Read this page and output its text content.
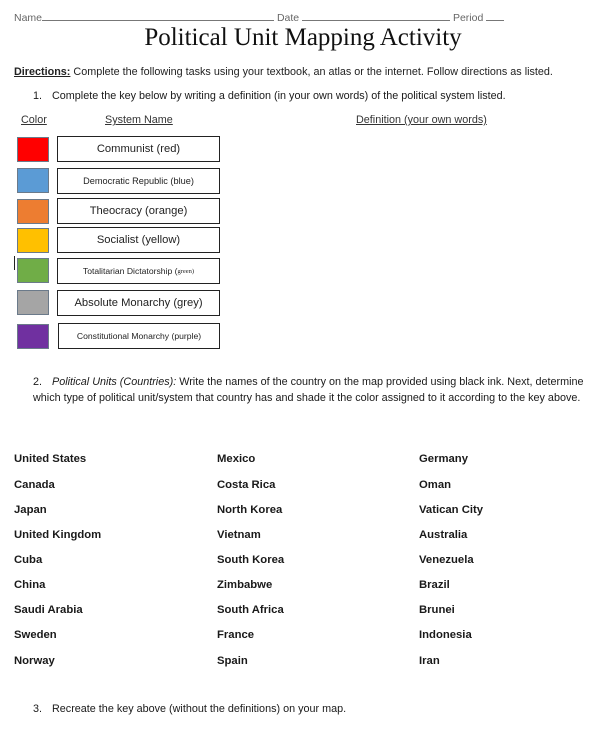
Name	Date	Period
Political Unit Mapping Activity
Directions: Complete the following tasks using your textbook, an atlas or the internet. Follow directions as listed.
1. Complete the key below by writing a definition (in your own words) of the political system listed.
Color	System Name	Definition (your own words)
Communist (red)
Democratic Republic (blue)
Theocracy (orange)
Socialist (yellow)
Totalitarian Dictatorship ( green)
Absolute Monarchy (grey)
Constitutional Monarchy (purple)
2. Political Units (Countries): Write the names of the country on the map provided using black ink. Next, determine which type of political unit/system that country has and shade it the color assigned to it according to the key above.
United States
Canada
Japan
United Kingdom
Cuba
China
Saudi Arabia
Sweden
Norway
Mexico
Costa Rica
North Korea
Vietnam
South Korea
Zimbabwe
South Africa
France
Spain
Germany
Oman
Vatican City
Australia
Venezuela
Brazil
Brunei
Indonesia
Iran
3. Recreate the key above (without the definitions) on your map.
